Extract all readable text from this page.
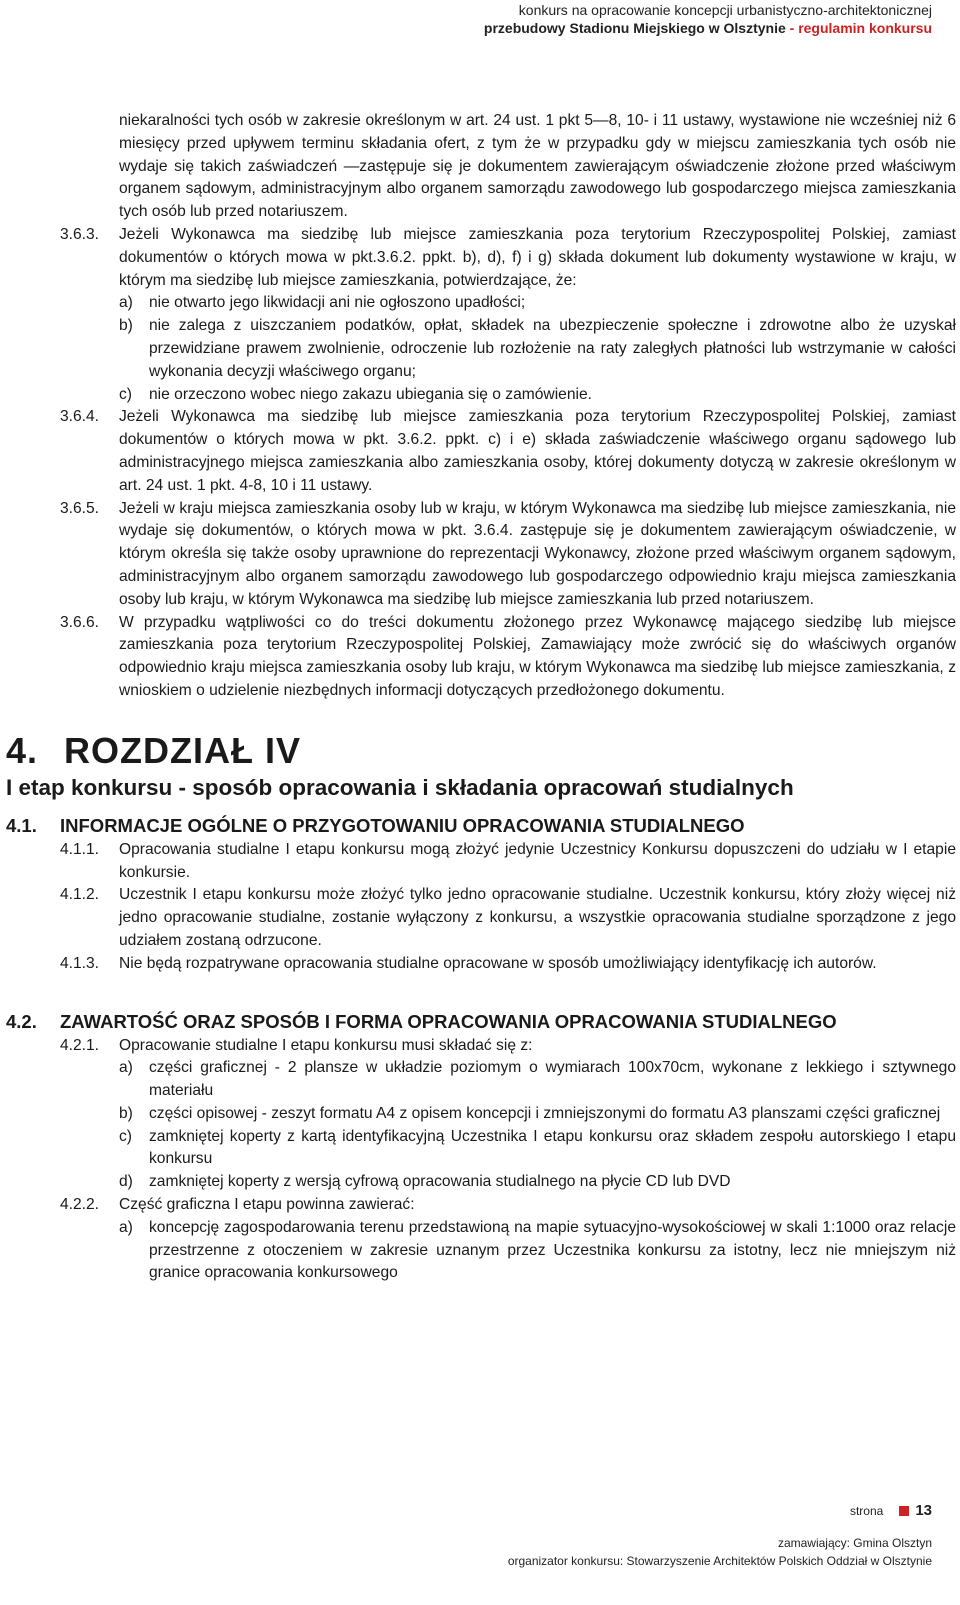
konkurs na opracowanie koncepcji urbanistyczno-architektonicznej
przebudowy Stadionu Miejskiego w Olsztynie - regulamin konkursu
niekaralności tych osób w zakresie określonym w art. 24 ust. 1 pkt 5—8, 10- i 11 ustawy, wystawione nie wcześniej niż 6 miesięcy przed upływem terminu składania ofert, z tym że w przypadku gdy w miejscu zamieszkania tych osób nie wydaje się takich zaświadczeń —zastępuje się je dokumentem zawierającym oświadczenie złożone przed właściwym organem sądowym, administracyjnym albo organem samorządu zawodowego lub gospodarczego miejsca zamieszkania tych osób lub przed notariuszem.
3.6.3. Jeżeli Wykonawca ma siedzibę lub miejsce zamieszkania poza terytorium Rzeczypospolitej Polskiej, zamiast dokumentów o których mowa w pkt.3.6.2. ppkt. b), d), f) i g) składa dokument lub dokumenty wystawione w kraju, w którym ma siedzibę lub miejsce zamieszkania, potwierdzające, że:
a) nie otwarto jego likwidacji ani nie ogłoszono upadłości;
b) nie zalega z uiszczaniem podatków, opłat, składek na ubezpieczenie społeczne i zdrowotne albo że uzyskał przewidziane prawem zwolnienie, odroczenie lub rozłożenie na raty zaległych płatności lub wstrzymanie w całości wykonania decyzji właściwego organu;
c) nie orzeczono wobec niego zakazu ubiegania się o zamówienie.
3.6.4. Jeżeli Wykonawca ma siedzibę lub miejsce zamieszkania poza terytorium Rzeczypospolitej Polskiej, zamiast dokumentów o których mowa w pkt. 3.6.2. ppkt. c) i e) składa zaświadczenie właściwego organu sądowego lub administracyjnego miejsca zamieszkania albo zamieszkania osoby, której dokumenty dotyczą w zakresie określonym w art. 24 ust. 1 pkt. 4-8, 10 i 11 ustawy.
3.6.5. Jeżeli w kraju miejsca zamieszkania osoby lub w kraju, w którym Wykonawca ma siedzibę lub miejsce zamieszkania, nie wydaje się dokumentów, o których mowa w pkt. 3.6.4. zastępuje się je dokumentem zawierającym oświadczenie, w którym określa się także osoby uprawnione do reprezentacji Wykonawcy, złożone przed właściwym organem sądowym, administracyjnym albo organem samorządu zawodowego lub gospodarczego odpowiednio kraju miejsca zamieszkania osoby lub kraju, w którym Wykonawca ma siedzibę lub miejsce zamieszkania lub przed notariuszem.
3.6.6. W przypadku wątpliwości co do treści dokumentu złożonego przez Wykonawcę mającego siedzibę lub miejsce zamieszkania poza terytorium Rzeczypospolitej Polskiej, Zamawiający może zwrócić się do właściwych organów odpowiednio kraju miejsca zamieszkania osoby lub kraju, w którym Wykonawca ma siedzibę lub miejsce zamieszkania, z wnioskiem o udzielenie niezbędnych informacji dotyczących przedłożonego dokumentu.
4. ROZDZIAŁ IV
I etap konkursu - sposób opracowania i składania opracowań studialnych
4.1. INFORMACJE OGÓLNE O PRZYGOTOWANIU OPRACOWANIA STUDIALNEGO
4.1.1. Opracowania studialne I etapu konkursu mogą złożyć jedynie Uczestnicy Konkursu dopuszczeni do udziału w I etapie konkursie.
4.1.2. Uczestnik I etapu konkursu może złożyć tylko jedno opracowanie studialne. Uczestnik konkursu, który złoży więcej niż jedno opracowanie studialne, zostanie wyłączony z konkursu, a wszystkie opracowania studialne sporządzone z jego udziałem zostaną odrzucone.
4.1.3. Nie będą rozpatrywane opracowania studialne opracowane w sposób umożliwiający identyfikację ich autorów.
4.2. ZAWARTOŚĆ ORAZ SPOSÓB I FORMA OPRACOWANIA OPRACOWANIA STUDIALNEGO
4.2.1. Opracowanie studialne I etapu konkursu musi składać się z:
a) części graficznej - 2 plansze w układzie poziomym o wymiarach 100x70cm, wykonane z lekkiego i sztywnego materiału
b) części opisowej - zeszyt formatu A4 z opisem koncepcji i zmniejszonymi do formatu A3 planszami części graficznej
c) zamkniętej koperty z kartą identyfikacyjną Uczestnika I etapu konkursu oraz składem zespołu autorskiego I etapu konkursu
d) zamkniętej koperty z wersją cyfrową opracowania studialnego na płycie CD lub DVD
4.2.2. Część graficzna I etapu powinna zawierać:
a) koncepcję zagospodarowania terenu przedstawioną na mapie sytuacyjno-wysokościowej w skali 1:1000 oraz relacje przestrzenne z otoczeniem w zakresie uznanym przez Uczestnika konkursu za istotny, lecz nie mniejszym niż granice opracowania konkursowego
strona 13
zamawiający: Gmina Olsztyn
organizator konkursu: Stowarzyszenie Architektów Polskich Oddział w Olsztynie
